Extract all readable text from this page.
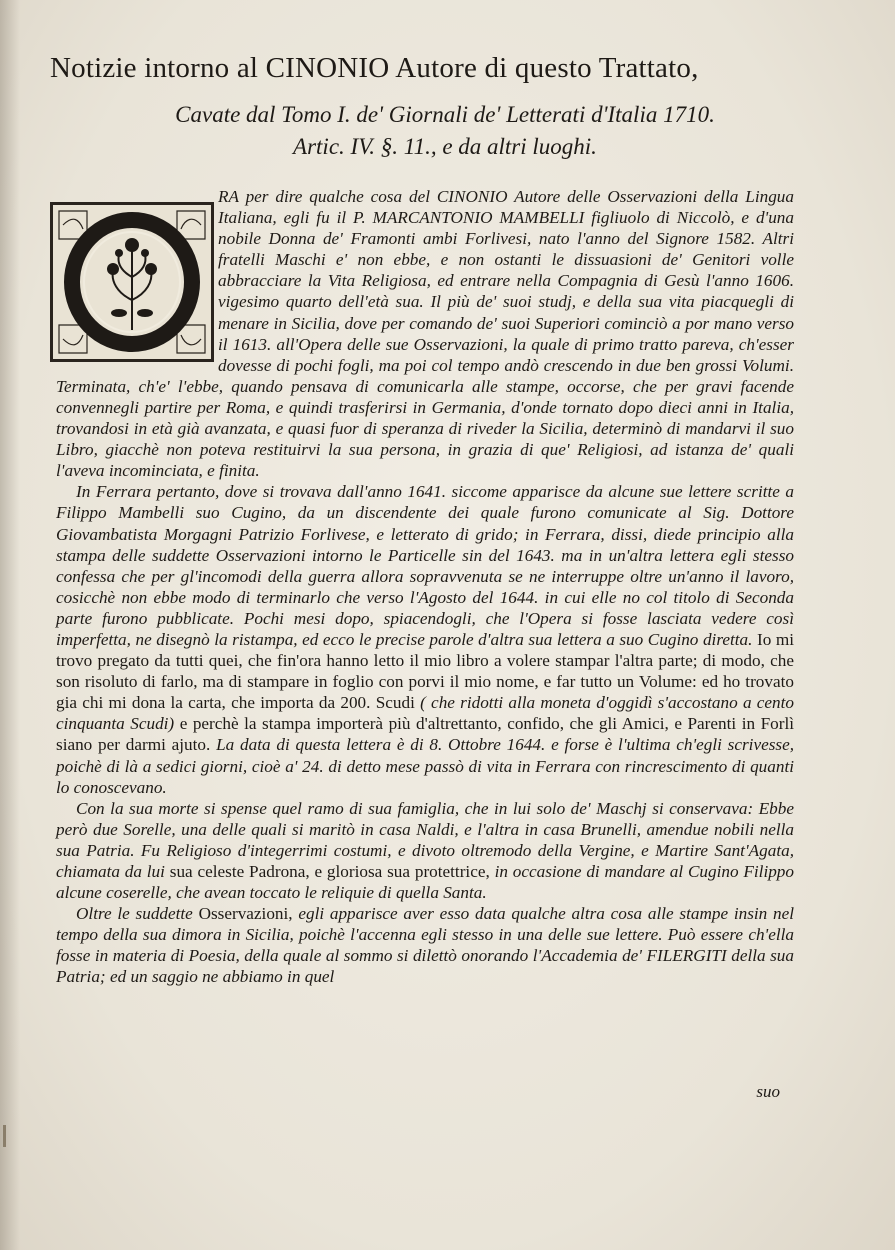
Notizie intorno al CINONIO Autore di questo Trattato,
Cavate dal Tomo I. de' Giornali de' Letterati d'Italia 1710.
Artic. IV. §. 11., e da altri luoghi.

RA per dire qualche cosa del CINONIO Autore delle Osservazioni della Lingua Italiana, egli fu il P. MARCANTONIO MAMBELLI figliuolo di Niccolò, e d'una nobile Donna de' Framonti ambi Forlivesi, nato l'anno del Signore 1582. Altri fratelli Maschi e' non ebbe, e non ostanti le dissuasioni de' Genitori volle abbracciare la Vita Religiosa, ed entrare nella Compagnia di Gesù l'anno 1606. vigesimo quarto dell'età sua. Il più de' suoi studj, e della sua vita piacquegli di menare in Sicilia, dove per comando de' suoi Superiori cominciò a por mano verso il 1613. all'Opera delle sue Osservazioni, la quale di primo tratto pareva, ch'esser dovesse di pochi fogli, ma poi col tempo andò crescendo in due ben grossi Volumi. Terminata, ch'e' l'ebbe, quando pensava di comunicarla alle stampe, occorse, che per gravi facende convennegli partire per Roma, e quindi trasferirsi in Germania, d'onde tornato dopo dieci anni in Italia, trovandosi in età già avanzata, e quasi fuor di speranza di riveder la Sicilia, determinò di mandarvi il suo Libro, giacchè non poteva restituirvi la sua persona, in grazia di que' Religiosi, ad istanza de' quali l'aveva incominciata, e finita.

In Ferrara pertanto, dove si trovava dall'anno 1641. siccome apparisce da alcune sue lettere scritte a Filippo Mambelli suo Cugino, da un discendente dei quale furono comunicate al Sig. Dottore Giovambatista Morgagni Patrizio Forlivese, e letterato di grido; in Ferrara, dissi, diede principio alla stampa delle suddette Osservazioni intorno le Particelle sin del 1643. ma in un'altra lettera egli stesso confessa che per gl'incomodi della guerra allora sopravvenuta se ne interruppe oltre un'anno il lavoro, cosicchè non ebbe modo di terminarlo che verso l'Agosto del 1644. in cui elle no col titolo di Seconda parte furono pubblicate. Pochi mesi dopo, spiacendogli, che l'Opera si fosse lasciata vedere così imperfetta, ne disegnò la ristampa, ed ecco le precise parole d'altra sua lettera a suo Cugino diretta. Io mi trovo pregato da tutti quei, che fin'ora hanno letto il mio libro a volere stampar l'altra parte; di modo, che son risoluto di farlo, ma di stampare in foglio con porvi il mio nome, e far tutto un Volume: ed ho trovato gia chi mi dona la carta, che importa da 200. Scudi ( che ridotti alla moneta d'oggidì s'accostano a cento cinquanta Scudi) e perchè la stampa importerà più d'altrettanto, confido, che gli Amici, e Parenti in Forlì siano per darmi ajuto. La data di questa lettera è di 8. Ottobre 1644. e forse è l'ultima ch'egli scrivesse, poichè di là a sedici giorni, cioè a' 24. di detto mese passò di vita in Ferrara con rincrescimento di quanti lo conoscevano.

Con la sua morte si spense quel ramo di sua famiglia, che in lui solo de' Maschj si conservava: Ebbe però due Sorelle, una delle quali si maritò in casa Naldi, e l'altra in casa Brunelli, amendue nobili nella sua Patria. Fu Religioso d'integerrimi costumi, e divoto oltremodo della Vergine, e Martire Sant'Agata, chiamata da lui sua celeste Padrona, e gloriosa sua protettrice, in occasione di mandare al Cugino Filippo alcune coserelle, che avean toccato le reliquie di quella Santa.

Oltre le suddette Osservazioni, egli apparisce aver esso data qualche altra cosa alle stampe insin nel tempo della sua dimora in Sicilia, poichè l'accenna egli stesso in una delle sue lettere. Può essere ch'ella fosse in materia di Poesia, della quale al sommo si dilettò onorando l'Accademia de' FILERGITI della sua Patria; ed un saggio ne abbiamo in quel

suo
